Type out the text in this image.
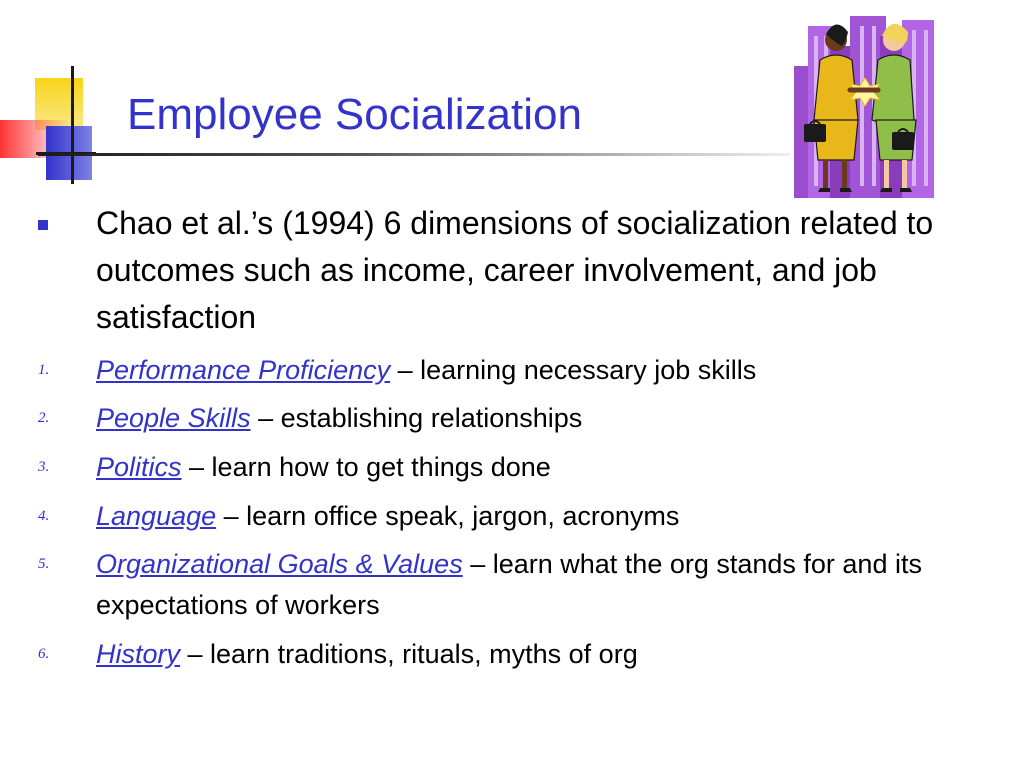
Employee Socialization
Chao et al.’s (1994) 6 dimensions of socialization related to outcomes such as income, career involvement, and job satisfaction
1. Performance Proficiency – learning necessary job skills
2. People Skills – establishing relationships
3. Politics – learn how to get things done
4. Language – learn office speak, jargon, acronyms
5. Organizational Goals & Values – learn what the org stands for and its expectations of workers
6. History – learn traditions, rituals, myths of org
